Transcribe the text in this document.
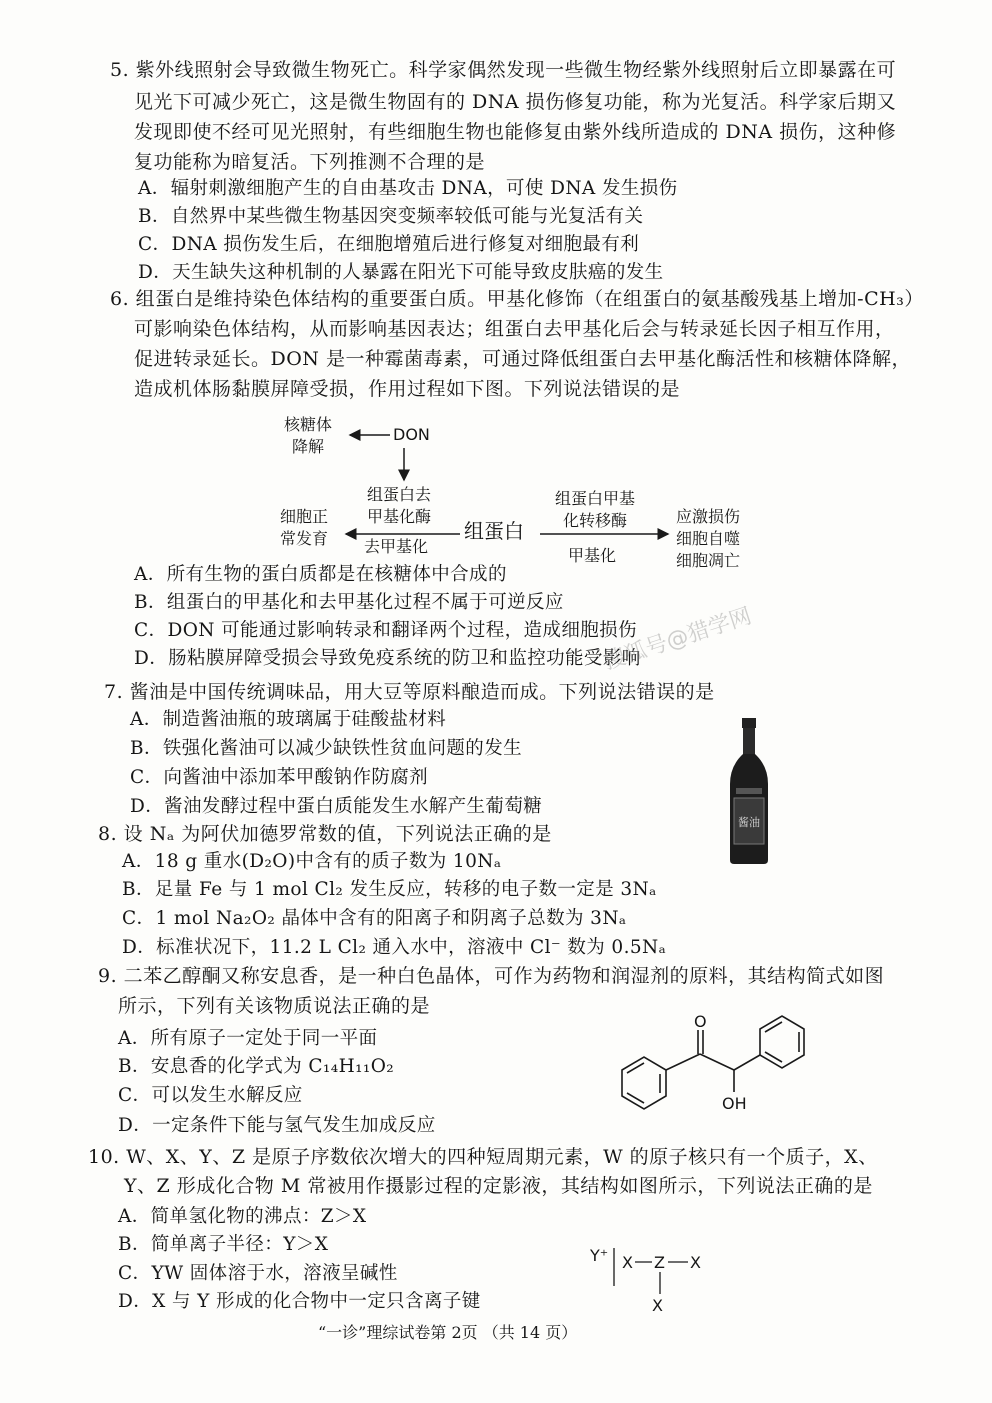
5. 紫外线照射会导致微生物死亡。科学家偶然发现一些微生物经紫外线照射后立即暴露在可
见光下可减少死亡，这是微生物固有的 DNA 损伤修复功能，称为光复活。科学家后期又
发现即使不经可见光照射，有些细胞生物也能修复由紫外线所造成的 DNA 损伤，这种修
复功能称为暗复活。下列推测不合理的是
A．辐射刺激细胞产生的自由基攻击 DNA，可使 DNA 发生损伤
B．自然界中某些微生物基因突变频率较低可能与光复活有关
C．DNA 损伤发生后，在细胞增殖后进行修复对细胞最有利
D．天生缺失这种机制的人暴露在阳光下可能导致皮肤癌的发生
6. 组蛋白是维持染色体结构的重要蛋白质。甲基化修饰（在组蛋白的氨基酸残基上增加-CH₃）
可影响染色体结构，从而影响基因表达；组蛋白去甲基化后会与转录延长因子相互作用，
促进转录延长。DON 是一种霉菌毒素，可通过降低组蛋白去甲基化酶活性和核糖体降解，
造成机体肠黏膜屏障受损，作用过程如下图。下列说法错误的是
核糖体
降解
DON
组蛋白去
甲基化酶
去甲基化
细胞正
常发育	组蛋白
组蛋白甲基
化转移酶
甲基化
应激损伤
细胞自噬
细胞凋亡
A．所有生物的蛋白质都是在核糖体中合成的
B．组蛋白的甲基化和去甲基化过程不属于可逆反应
C．DON 可能通过影响转录和翻译两个过程，造成细胞损伤
D．肠粘膜屏障受损会导致免疫系统的防卫和监控功能受影响
7. 酱油是中国传统调味品，用大豆等原料酿造而成。下列说法错误的是
A．制造酱油瓶的玻璃属于硅酸盐材料
B．铁强化酱油可以减少缺铁性贫血问题的发生
C．向酱油中添加苯甲酸钠作防腐剂
D．酱油发酵过程中蛋白质能发生水解产生葡萄糖
酱油
8. 设 Nₐ 为阿伏加德罗常数的值，下列说法正确的是
A．18 g 重水(D₂O)中含有的质子数为 10Nₐ
B．足量 Fe 与 1 mol Cl₂ 发生反应，转移的电子数一定是 3Nₐ
C．1 mol Na₂O₂ 晶体中含有的阳离子和阴离子总数为 3Nₐ
D．标准状况下，11.2 L Cl₂ 通入水中，溶液中 Cl⁻ 数为 0.5Nₐ
9. 二苯乙醇酮又称安息香，是一种白色晶体，可作为药物和润湿剂的原料，其结构简式如图
所示，下列有关该物质说法正确的是
A．所有原子一定处于同一平面
B．安息香的化学式为 C₁₄H₁₁O₂
C．可以发生水解反应
D．一定条件下能与氢气发生加成反应
O
OH
10. W、X、Y、Z 是原子序数依次增大的四种短周期元素，W 的原子核只有一个质子，X、
Y、Z 形成化合物 M 常被用作摄影过程的定影液，其结构如图所示，下列说法正确的是
A．简单氢化物的沸点：Z＞X
B．简单离子半径：Y＞X
C．YW 固体溶于水，溶液呈碱性
D．X 与 Y 形成的化合物中一定只含离子键
Y⁺ X Z X
X
“一诊”理综试卷第 2页 （共 14 页）
搜狐号@猎学网
